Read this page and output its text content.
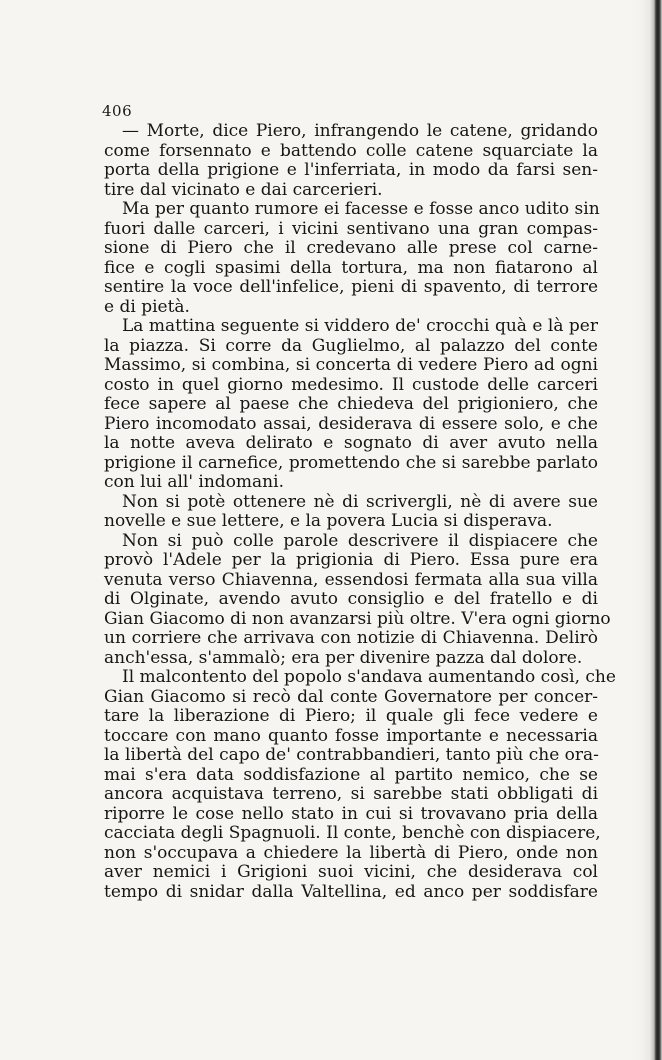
406
— Morte, dice Piero, infrangendo le catene, gridando
come forsennato e battendo colle catene squarciate la
porta della prigione e l'inferriata, in modo da farsi sen-
tire dal vicinato e dai carcerieri.
Ma per quanto rumore ei facesse e fosse anco udito sin
fuori dalle carceri, i vicini sentivano una gran compas-
sione di Piero che il credevano alle prese col carne-
fice e cogli spasimi della tortura, ma non fiatarono al
sentire la voce dell'infelice, pieni di spavento, di terrore
e di pietà.
La mattina seguente si viddero de' crocchi quà e là per
la piazza. Si corre da Guglielmo, al palazzo del conte
Massimo, si combina, si concerta di vedere Piero ad ogni
costo in quel giorno medesimo. Il custode delle carceri
fece sapere al paese che chiedeva del prigioniero, che
Piero incomodato assai, desiderava di essere solo, e che
la notte aveva delirato e sognato di aver avuto nella
prigione il carnefice, promettendo che si sarebbe parlato
con lui all' indomani.
Non si potè ottenere nè di scrivergli, nè di avere sue
novelle e sue lettere, e la povera Lucia si disperava.
Non si può colle parole descrivere il dispiacere che
provò l'Adele per la prigionia di Piero. Essa pure era
venuta verso Chiavenna, essendosi fermata alla sua villa
di Olginate, avendo avuto consiglio e del fratello e di
Gian Giacomo di non avanzarsi più oltre. V'era ogni giorno
un corriere che arrivava con notizie di Chiavenna. Delirò
anch'essa, s'ammalò; era per divenire pazza dal dolore.
Il malcontento del popolo s'andava aumentando così, che
Gian Giacomo si recò dal conte Governatore per concer-
tare la liberazione di Piero; il quale gli fece vedere e
toccare con mano quanto fosse importante e necessaria
la libertà del capo de' contrabbandieri, tanto più che ora-
mai s'era data soddisfazione al partito nemico, che se
ancora acquistava terreno, si sarebbe stati obbligati di
riporre le cose nello stato in cui si trovavano pria della
cacciata degli Spagnuoli. Il conte, benchè con dispiacere,
non s'occupava a chiedere la libertà di Piero, onde non
aver nemici i Grigioni suoi vicini, che desiderava col
tempo di snidar dalla Valtellina, ed anco per soddisfare
